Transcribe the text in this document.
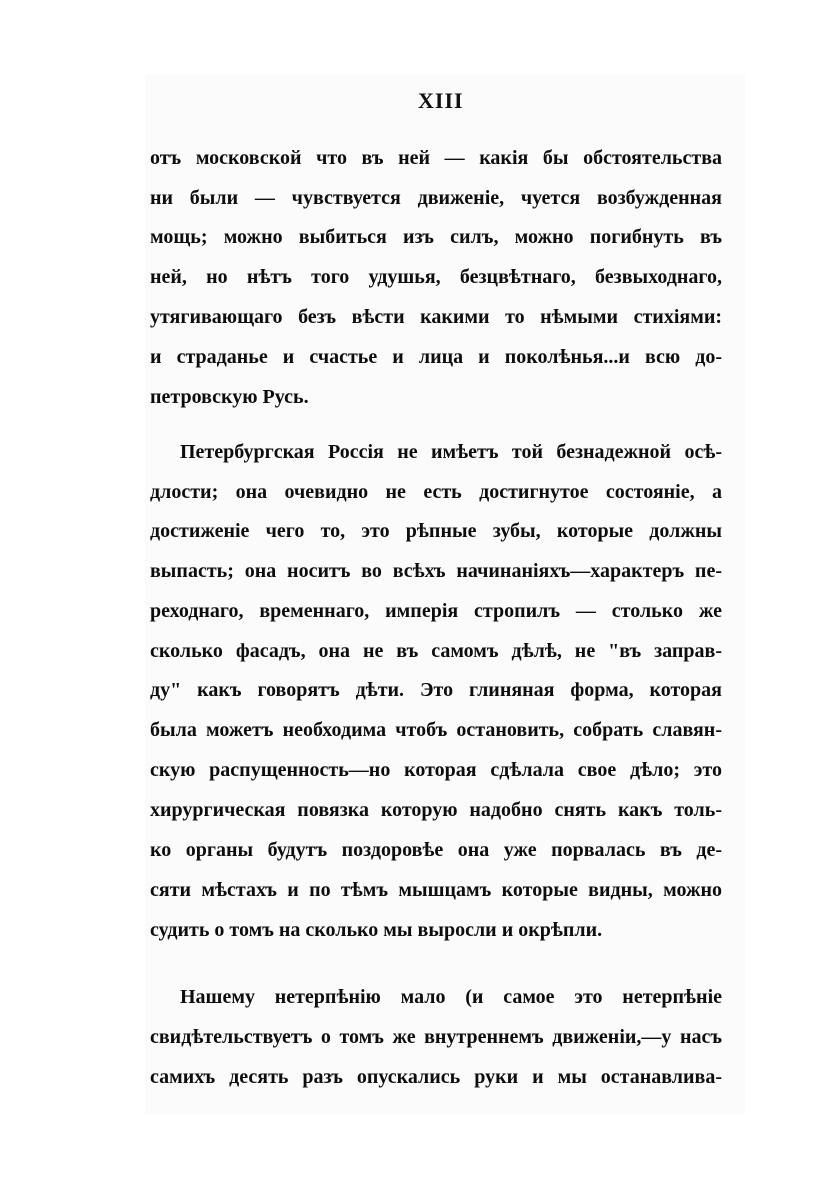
XIII
отъ московской что въ ней — какія бы обстоятельства
ни были — чувствуется движеніе, чуется возбужденная
мощь; можно выбиться изъ силъ, можно погибнуть въ
ней, но нѣтъ того удушья, безцвѣтнаго, безвыходнаго,
утягивающаго безъ вѣсти какими то нѣмыми стихіями:
и страданье и счастье и лица и поколѣнья...и всю до-
петровскую Русь.
Петербургская Россія не имѣетъ той безнадежной осѣ-
длости; она очевидно не есть достигнутое состояніе, а
достиженіе чего то, это рѣпные зубы, которые должны
выпасть; она носитъ во всѣхъ начинаніяхъ—характеръ пе-
реходнаго, временнаго, имперія стропилъ — столько же
сколько фасадъ, она не въ самомъ дѣлѣ, не "въ заправ-
ду" какъ говорятъ дѣти. Это глиняная форма, которая
была можетъ необходима чтобъ остановить, собрать славян-
скую распущенность—но которая сдѣлала свое дѣло; это
хирургическая повязка которую надобно снять какъ толь-
ко органы будутъ поздоровѣе она уже порвалась въ де-
сяти мѣстахъ и по тѣмъ мышцамъ которые видны, можно
судить о томъ на сколько мы выросли и окрѣпли.
Нашему нетерпѣнію мало (и самое это нетерпѣніе
свидѣтельствуетъ о томъ же внутреннемъ движеніи,—у насъ
самихъ десять разъ опускались руки и мы останавлива-
